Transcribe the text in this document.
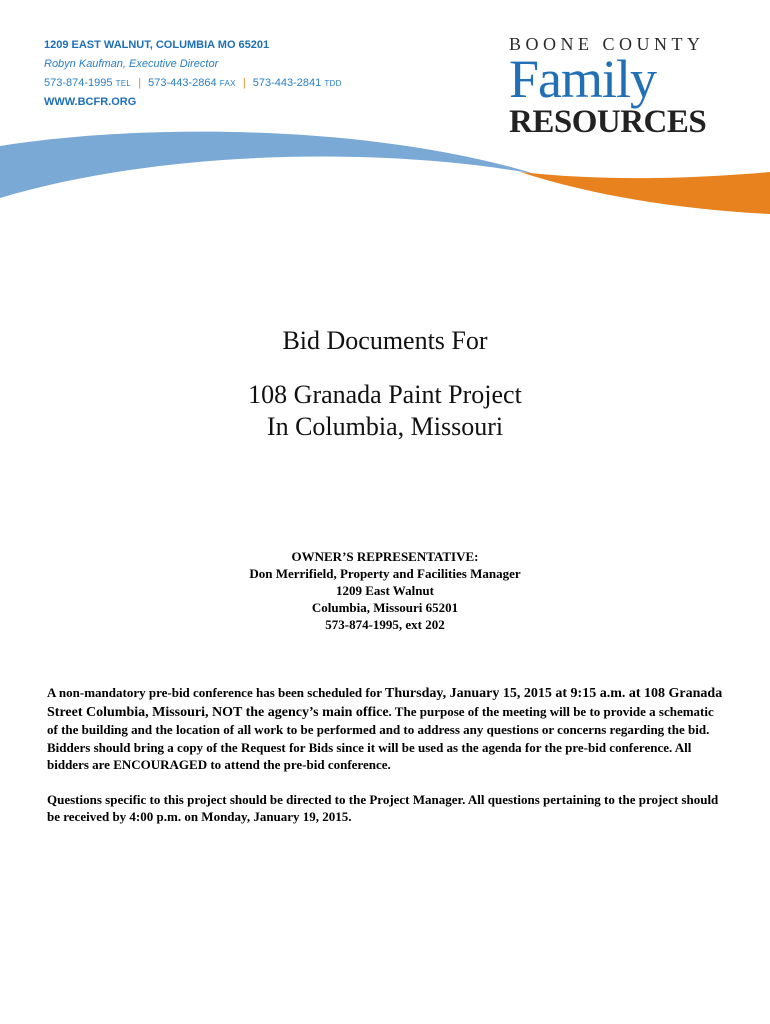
1209 EAST WALNUT, COLUMBIA MO 65201
Robyn Kaufman, Executive Director
573-874-1995 TEL | 573-443-2864 FAX | 573-443-2841 TDD
WWW.BCFR.ORG
BOONE COUNTY
Family
RESOURCES
Bid Documents For
108 Granada Paint Project
In Columbia, Missouri
OWNER’S REPRESENTATIVE:
Don Merrifield, Property and Facilities Manager
1209 East Walnut
Columbia, Missouri 65201
573-874-1995, ext 202

A non-mandatory pre-bid conference has been scheduled for Thursday, January 15, 2015 at 9:15 a.m. at 108 Granada Street Columbia, Missouri, NOT the agency’s main office. The purpose of the meeting will be to provide a schematic of the building and the location of all work to be performed and to address any questions or concerns regarding the bid. Bidders should bring a copy of the Request for Bids since it will be used as the agenda for the pre-bid conference. All bidders are ENCOURAGED to attend the pre-bid conference.

Questions specific to this project should be directed to the Project Manager. All questions pertaining to the project should be received by 4:00 p.m. on Monday, January 19, 2015.
